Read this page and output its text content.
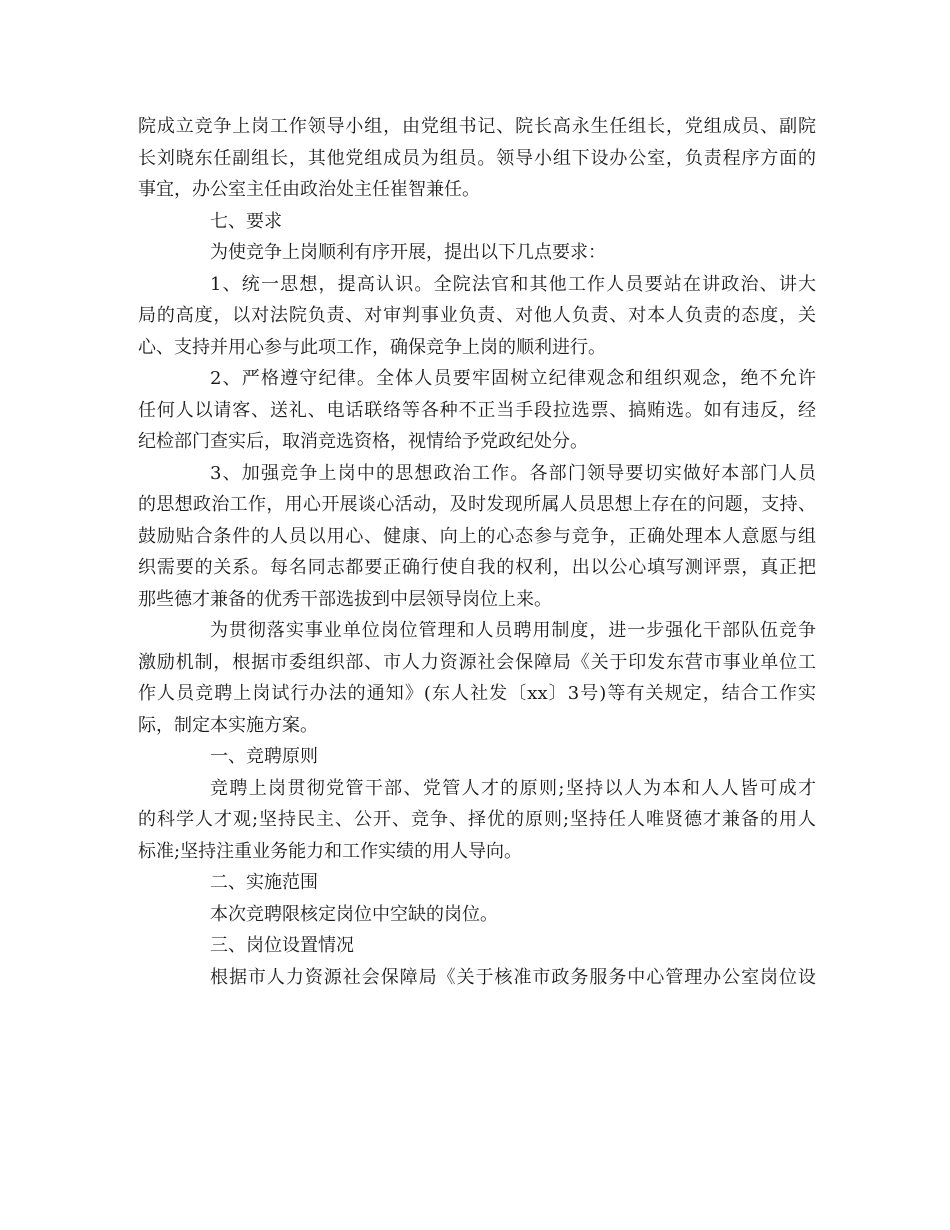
院成立竞争上岗工作领导小组，由党组书记、院长高永生任组长，党组成员、副院
长刘晓东任副组长，其他党组成员为组员。领导小组下设办公室，负责程序方面的
事宜，办公室主任由政治处主任崔智兼任。
七、要求
为使竞争上岗顺利有序开展，提出以下几点要求：
1、统一思想，提高认识。全院法官和其他工作人员要站在讲政治、讲大
局的高度，以对法院负责、对审判事业负责、对他人负责、对本人负责的态度，关
心、支持并用心参与此项工作，确保竞争上岗的顺利进行。
2、严格遵守纪律。全体人员要牢固树立纪律观念和组织观念，绝不允许
任何人以请客、送礼、电话联络等各种不正当手段拉选票、搞贿选。如有违反，经
纪检部门查实后，取消竞选资格，视情给予党政纪处分。
3、加强竞争上岗中的思想政治工作。各部门领导要切实做好本部门人员
的思想政治工作，用心开展谈心活动，及时发现所属人员思想上存在的问题，支持、
鼓励贴合条件的人员以用心、健康、向上的心态参与竞争，正确处理本人意愿与组
织需要的关系。每名同志都要正确行使自我的权利，出以公心填写测评票，真正把
那些德才兼备的优秀干部选拔到中层领导岗位上来。
为贯彻落实事业单位岗位管理和人员聘用制度，进一步强化干部队伍竞争
激励机制，根据市委组织部、市人力资源社会保障局《关于印发东营市事业单位工
作人员竞聘上岗试行办法的通知》(东人社发〔xx〕3号)等有关规定，结合工作实
际，制定本实施方案。
一、竞聘原则
竞聘上岗贯彻党管干部、党管人才的原则;坚持以人为本和人人皆可成才
的科学人才观;坚持民主、公开、竞争、择优的原则;坚持任人唯贤德才兼备的用人
标准;坚持注重业务能力和工作实绩的用人导向。
二、实施范围
本次竞聘限核定岗位中空缺的岗位。
三、岗位设置情况
根据市人力资源社会保障局《关于核准市政务服务中心管理办公室岗位设
